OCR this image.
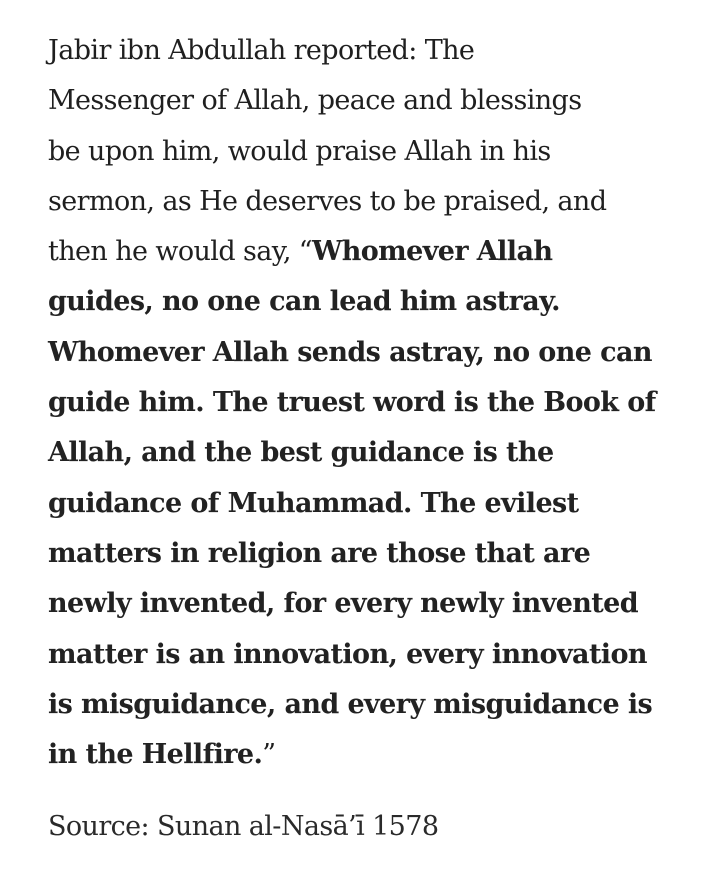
Jabir ibn Abdullah reported: The
Messenger of Allah, peace and blessings
be upon him, would praise Allah in his
sermon, as He deserves to be praised, and
then he would say, “Whomever Allah
guides, no one can lead him astray.
Whomever Allah sends astray, no one can
guide him. The truest word is the Book of
Allah, and the best guidance is the
guidance of Muhammad. The evilest
matters in religion are those that are
newly invented, for every newly invented
matter is an innovation, every innovation
is misguidance, and every misguidance is
in the Hellfire.”

Source: Sunan al-Nasā’ī 1578
